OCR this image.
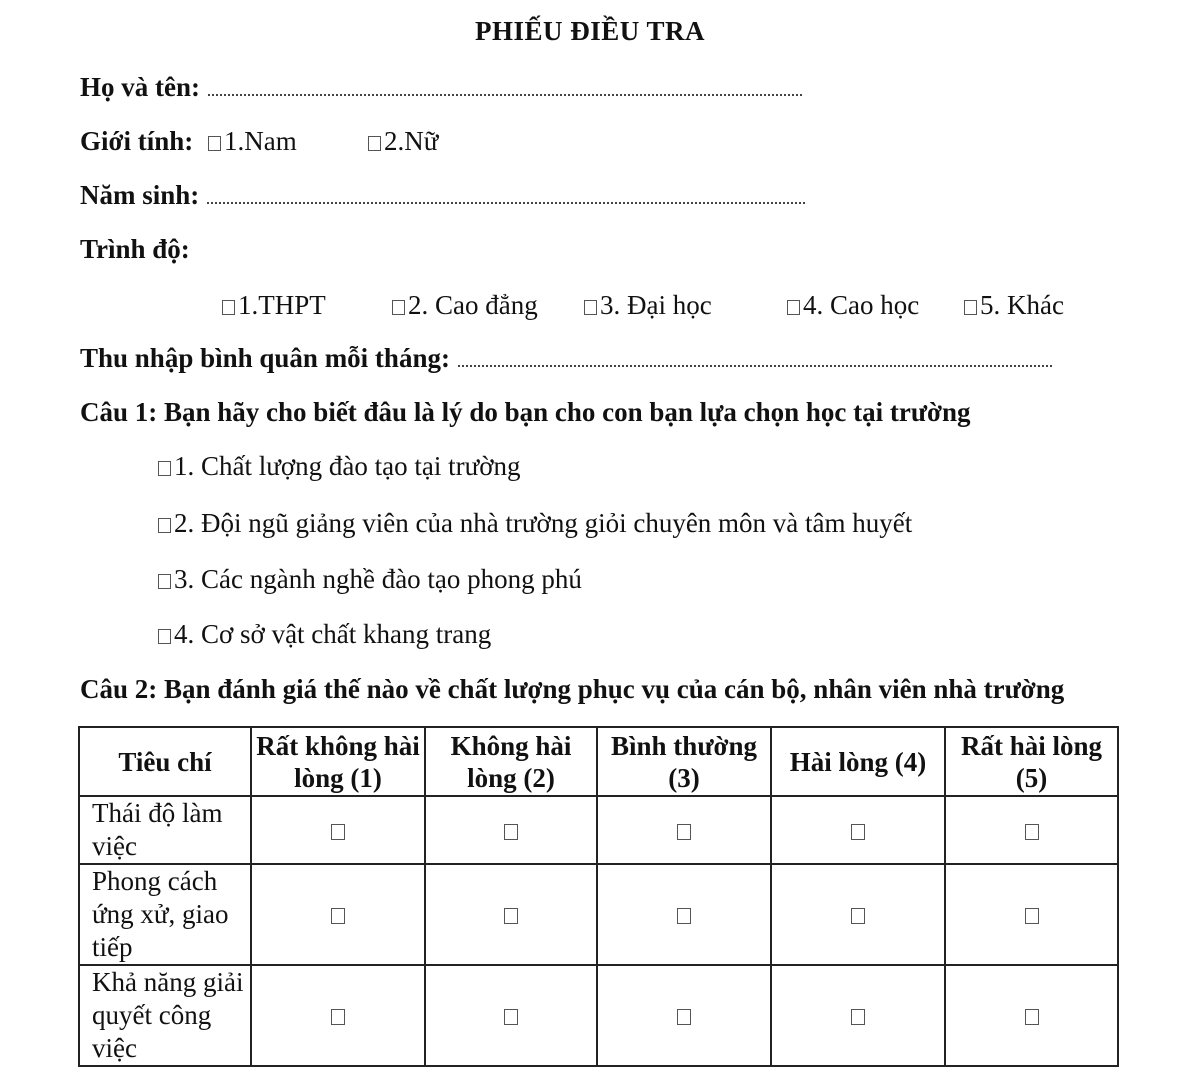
PHIẾU ĐIỀU TRA
Họ và tên:
Giới tính:	1.Nam	2.Nữ
Năm sinh:
Trình độ:
1.THPT	2. Cao đẳng	3. Đại học	4. Cao học	5. Khác
Thu nhập bình quân mỗi tháng:
Câu 1: Bạn hãy cho biết đâu là lý do bạn cho con bạn lựa chọn học tại trường
1. Chất lượng đào tạo tại trường
2. Đội ngũ giảng viên của nhà trường giỏi chuyên môn và tâm huyết
3. Các ngành nghề đào tạo phong phú
4. Cơ sở vật chất khang trang
Câu 2: Bạn đánh giá thế nào về chất lượng phục vụ của cán bộ, nhân viên nhà trường
Tiêu chí	Rất không hài lòng (1)	Không hài lòng (2)	Bình thường (3)	Hài lòng (4)	Rất hài lòng (5)
Thái độ làm việc					
Phong cách ứng xử, giao tiếp					
Khả năng giải quyết công việc					
